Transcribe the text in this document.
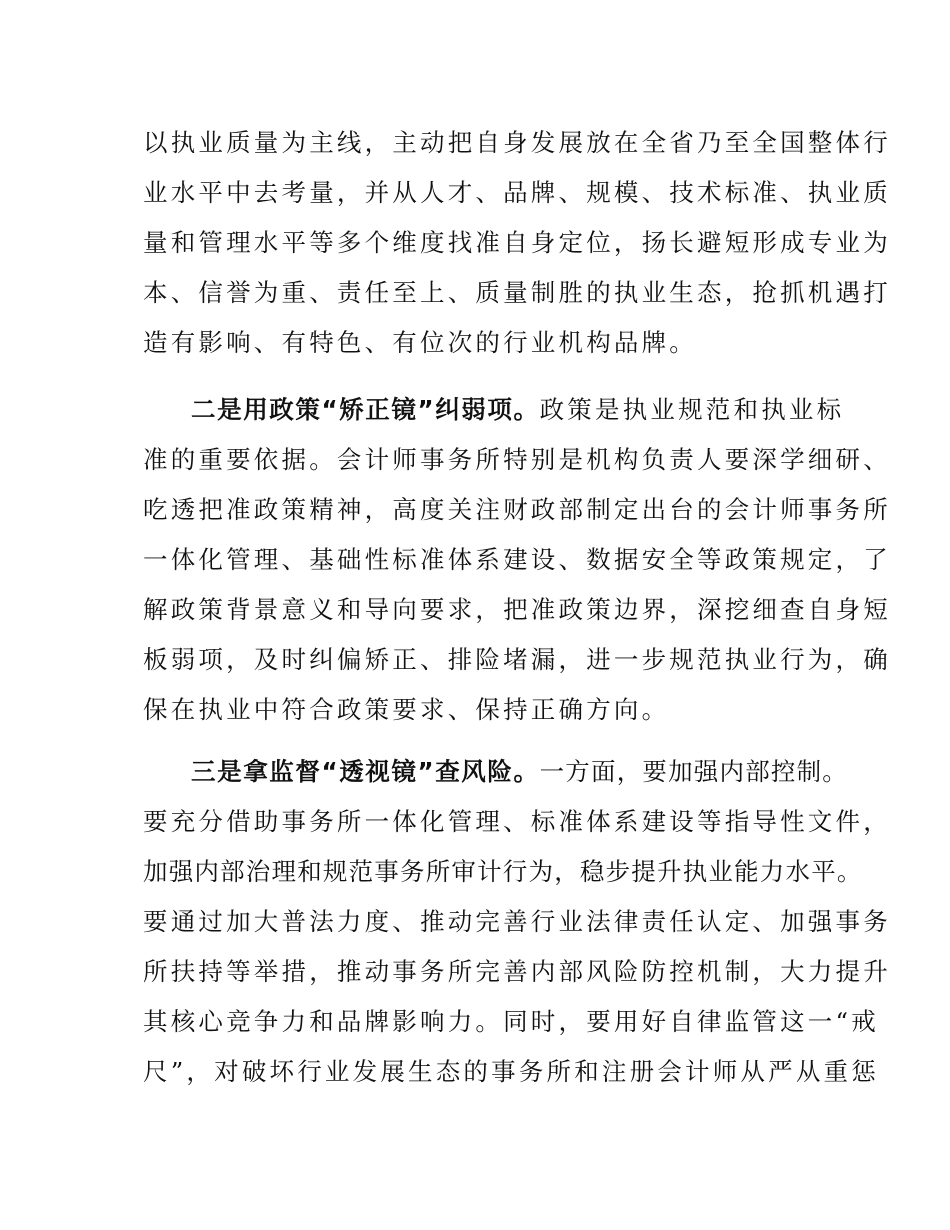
以执业质量为主线，主动把自身发展放在全省乃至全国整体行
业水平中去考量，并从人才、品牌、规模、技术标准、执业质
量和管理水平等多个维度找准自身定位，扬长避短形成专业为
本、信誉为重、责任至上、质量制胜的执业生态，抢抓机遇打
造有影响、有特色、有位次的行业机构品牌。
二是用政策“矫正镜”纠弱项。政策是执业规范和执业标
准的重要依据。会计师事务所特别是机构负责人要深学细研、
吃透把准政策精神，高度关注财政部制定出台的会计师事务所
一体化管理、基础性标准体系建设、数据安全等政策规定，了
解政策背景意义和导向要求，把准政策边界，深挖细查自身短
板弱项，及时纠偏矫正、排险堵漏，进一步规范执业行为，确
保在执业中符合政策要求、保持正确方向。
三是拿监督“透视镜”查风险。一方面，要加强内部控制。
要充分借助事务所一体化管理、标准体系建设等指导性文件，
加强内部治理和规范事务所审计行为，稳步提升执业能力水平。
要通过加大普法力度、推动完善行业法律责任认定、加强事务
所扶持等举措，推动事务所完善内部风险防控机制，大力提升
其核心竞争力和品牌影响力。同时，要用好自律监管这一“戒
尺”，对破坏行业发展生态的事务所和注册会计师从严从重惩
